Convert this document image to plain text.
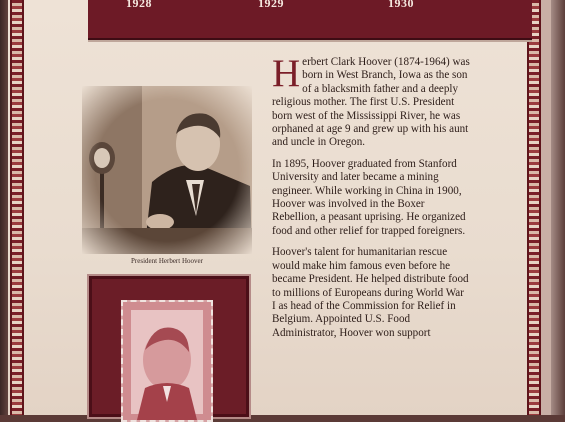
1928	1929	1930
President Herbert Hoover

Herbert Clark Hoover (1874-1964) was born in West Branch, Iowa as the son of a blacksmith father and a deeply religious mother. The first U.S. President born west of the Mississippi River, he was orphaned at age 9 and grew up with his aunt and uncle in Oregon.

In 1895, Hoover graduated from Stanford University and later became a mining engineer. While working in China in 1900, Hoover was involved in the Boxer Rebellion, a peasant uprising. He organized food and other relief for trapped foreigners.

Hoover's talent for humanitarian rescue would make him famous even before he became President. He helped distribute food to millions of Europeans during World War I as head of the Commission for Relief in Belgium. Appointed U.S. Food Administrator, Hoover won support
